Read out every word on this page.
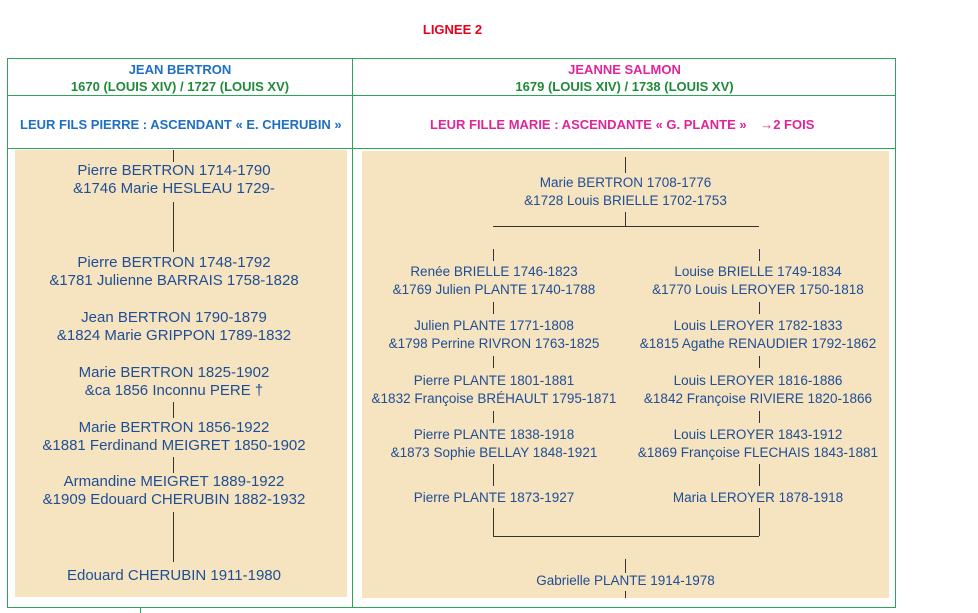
LIGNEE 2
JEAN BERTRON
1670 (LOUIS XIV) / 1727 (LOUIS XV)
JEANNE SALMON
1679 (LOUIS XIV) / 1738 (LOUIS XV)
LEUR FILS PIERRE : ASCENDANT « E. CHERUBIN »	LEUR FILLE MARIE : ASCENDANTE « G. PLANTE » →2 FOIS
Pierre BERTRON 1714-1790
&1746 Marie HESLEAU 1729-
Pierre BERTRON 1748-1792
&1781 Julienne BARRAIS 1758-1828
Jean BERTRON 1790-1879
&1824 Marie GRIPPON 1789-1832
Marie BERTRON 1825-1902
&ca 1856 Inconnu PERE †
Marie BERTRON 1856-1922
&1881 Ferdinand MEIGRET 1850-1902
Armandine MEIGRET 1889-1922
&1909 Edouard CHERUBIN 1882-1932
Edouard CHERUBIN 1911-1980
Marie BERTRON 1708-1776
&1728 Louis BRIELLE 1702-1753
Renée BRIELLE 1746-1823
&1769 Julien PLANTE 1740-1788
Julien PLANTE 1771-1808
&1798 Perrine RIVRON 1763-1825
Pierre PLANTE 1801-1881
&1832 Françoise BRÉHAULT 1795-1871
Pierre PLANTE 1838-1918
&1873 Sophie BELLAY 1848-1921
Pierre PLANTE 1873-1927
Louise BRIELLE 1749-1834
&1770 Louis LEROYER 1750-1818
Louis LEROYER 1782-1833
&1815 Agathe RENAUDIER 1792-1862
Louis LEROYER 1816-1886
&1842 Françoise RIVIERE 1820-1866
Louis LEROYER 1843-1912
&1869 Françoise FLECHAIS 1843-1881
Maria LEROYER 1878-1918
Gabrielle PLANTE 1914-1978
